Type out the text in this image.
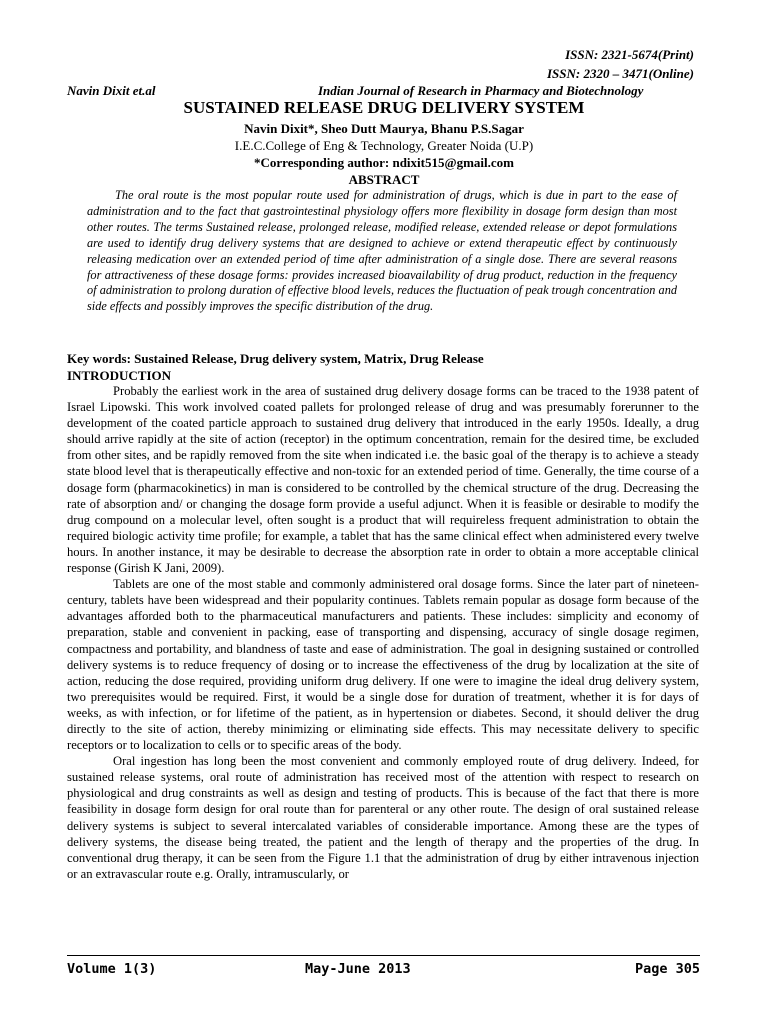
ISSN: 2321-5674(Print)
ISSN: 2320 – 3471(Online)
Navin Dixit et.al	Indian Journal of Research in Pharmacy and Biotechnology
SUSTAINED RELEASE DRUG DELIVERY SYSTEM
Navin Dixit*, Sheo Dutt Maurya, Bhanu P.S.Sagar
I.E.C.College of Eng & Technology, Greater Noida (U.P)
*Corresponding author: ndixit515@gmail.com
ABSTRACT

The oral route is the most popular route used for administration of drugs, which is due in part to the ease of administration and to the fact that gastrointestinal physiology offers more flexibility in dosage form design than most other routes. The terms Sustained release, prolonged release, modified release, extended release or depot formulations are used to identify drug delivery systems that are designed to achieve or extend therapeutic effect by continuously releasing medication over an extended period of time after administration of a single dose. There are several reasons for attractiveness of these dosage forms: provides increased bioavailability of drug product, reduction in the frequency of administration to prolong duration of effective blood levels, reduces the fluctuation of peak trough concentration and side effects and possibly improves the specific distribution of the drug.

Key words: Sustained Release, Drug delivery system, Matrix, Drug Release
INTRODUCTION

Probably the earliest work in the area of sustained drug delivery dosage forms can be traced to the 1938 patent of Israel Lipowski. This work involved coated pallets for prolonged release of drug and was presumably forerunner to the development of the coated particle approach to sustained drug delivery that introduced in the early 1950s. Ideally, a drug should arrive rapidly at the site of action (receptor) in the optimum concentration, remain for the desired time, be excluded from other sites, and be rapidly removed from the site when indicated i.e. the basic goal of the therapy is to achieve a steady state blood level that is therapeutically effective and non-toxic for an extended period of time. Generally, the time course of a dosage form (pharmacokinetics) in man is considered to be controlled by the chemical structure of the drug. Decreasing the rate of absorption and/ or changing the dosage form provide a useful adjunct. When it is feasible or desirable to modify the drug compound on a molecular level, often sought is a product that will requireless frequent administration to obtain the required biologic activity time profile; for example, a tablet that has the same clinical effect when administered every twelve hours. In another instance, it may be desirable to decrease the absorption rate in order to obtain a more acceptable clinical response (Girish K Jani, 2009).

Tablets are one of the most stable and commonly administered oral dosage forms. Since the later part of nineteen-century, tablets have been widespread and their popularity continues. Tablets remain popular as dosage form because of the advantages afforded both to the pharmaceutical manufacturers and patients. These includes: simplicity and economy of preparation, stable and convenient in packing, ease of transporting and dispensing, accuracy of single dosage regimen, compactness and portability, and blandness of taste and ease of administration. The goal in designing sustained or controlled delivery systems is to reduce frequency of dosing or to increase the effectiveness of the drug by localization at the site of action, reducing the dose required, providing uniform drug delivery. If one were to imagine the ideal drug delivery system, two prerequisites would be required. First, it would be a single dose for duration of treatment, whether it is for days of weeks, as with infection, or for lifetime of the patient, as in hypertension or diabetes. Second, it should deliver the drug directly to the site of action, thereby minimizing or eliminating side effects. This may necessitate delivery to specific receptors or to localization to cells or to specific areas of the body.

Oral ingestion has long been the most convenient and commonly employed route of drug delivery. Indeed, for sustained release systems, oral route of administration has received most of the attention with respect to research on physiological and drug constraints as well as design and testing of products. This is because of the fact that there is more feasibility in dosage form design for oral route than for parenteral or any other route. The design of oral sustained release delivery systems is subject to several intercalated variables of considerable importance. Among these are the types of delivery systems, the disease being treated, the patient and the length of therapy and the properties of the drug. In conventional drug therapy, it can be seen from the Figure 1.1 that the administration of drug by either intravenous injection or an extravascular route e.g. Orally, intramuscularly, or

Volume 1(3)	May-June 2013	Page 305
